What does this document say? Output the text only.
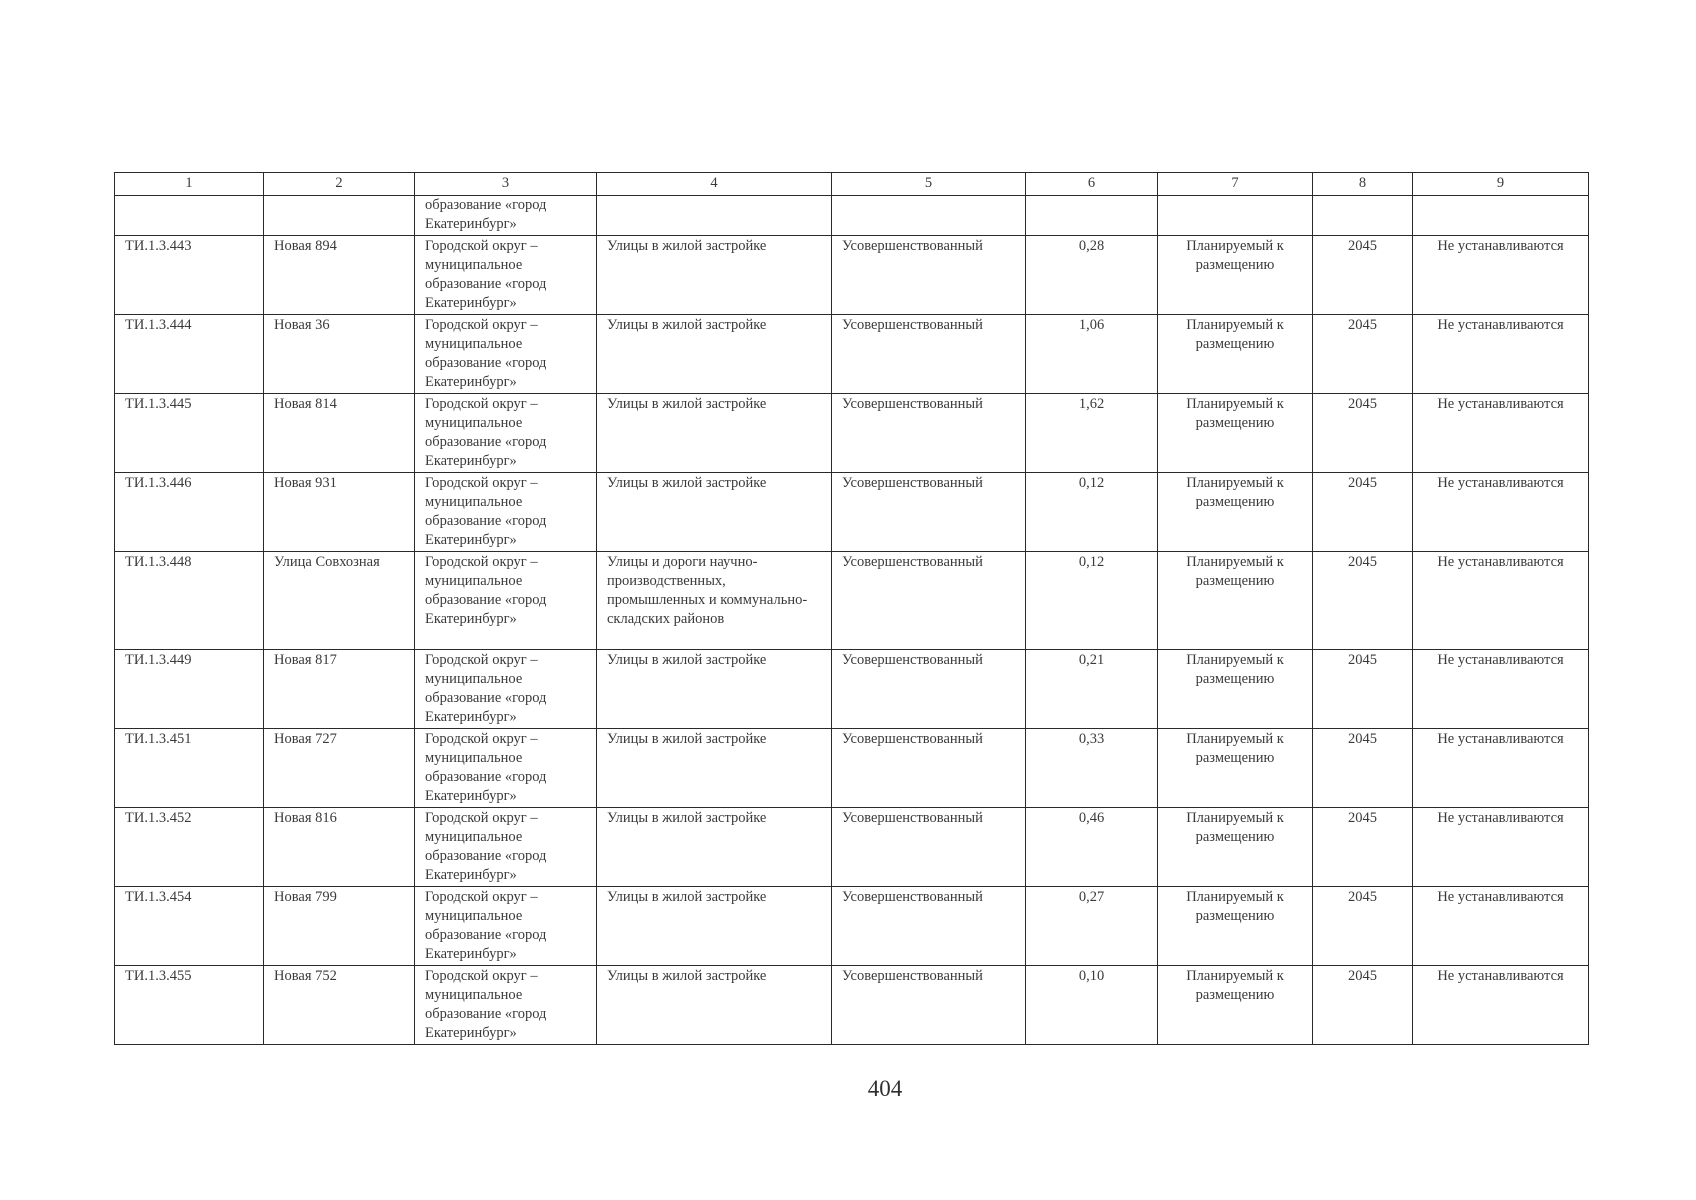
1	2	3	4	5	6	7	8	9
		образование «город Екатеринбург»						
ТИ.1.3.443	Новая 894	Городской округ – муниципальное образование «город Екатеринбург»	Улицы в жилой застройке	Усовершенствованный	0,28	Планируемый к размещению	2045	Не устанавливаются
ТИ.1.3.444	Новая 36	Городской округ – муниципальное образование «город Екатеринбург»	Улицы в жилой застройке	Усовершенствованный	1,06	Планируемый к размещению	2045	Не устанавливаются
ТИ.1.3.445	Новая 814	Городской округ – муниципальное образование «город Екатеринбург»	Улицы в жилой застройке	Усовершенствованный	1,62	Планируемый к размещению	2045	Не устанавливаются
ТИ.1.3.446	Новая 931	Городской округ – муниципальное образование «город Екатеринбург»	Улицы в жилой застройке	Усовершенствованный	0,12	Планируемый к размещению	2045	Не устанавливаются
ТИ.1.3.448	Улица Совхозная	Городской округ – муниципальное образование «город Екатеринбург»	Улицы и дороги научно-производственных, промышленных и коммунально-складских районов	Усовершенствованный	0,12	Планируемый к размещению	2045	Не устанавливаются
ТИ.1.3.449	Новая 817	Городской округ – муниципальное образование «город Екатеринбург»	Улицы в жилой застройке	Усовершенствованный	0,21	Планируемый к размещению	2045	Не устанавливаются
ТИ.1.3.451	Новая 727	Городской округ – муниципальное образование «город Екатеринбург»	Улицы в жилой застройке	Усовершенствованный	0,33	Планируемый к размещению	2045	Не устанавливаются
ТИ.1.3.452	Новая 816	Городской округ – муниципальное образование «город Екатеринбург»	Улицы в жилой застройке	Усовершенствованный	0,46	Планируемый к размещению	2045	Не устанавливаются
ТИ.1.3.454	Новая 799	Городской округ – муниципальное образование «город Екатеринбург»	Улицы в жилой застройке	Усовершенствованный	0,27	Планируемый к размещению	2045	Не устанавливаются
ТИ.1.3.455	Новая 752	Городской округ – муниципальное образование «город Екатеринбург»	Улицы в жилой застройке	Усовершенствованный	0,10	Планируемый к размещению	2045	Не устанавливаются
404
